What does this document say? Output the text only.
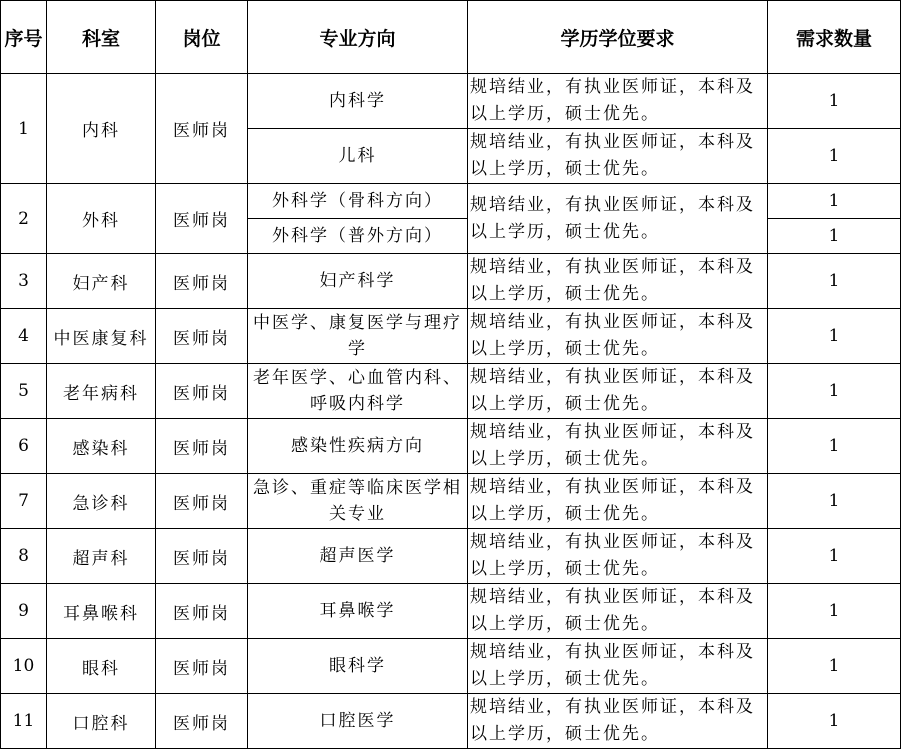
序号	科室	岗位	专业方向	学历学位要求	需求数量
1	内科	医师岗	内科学	规培结业，有执业医师证，本科及以上学历，硕士优先。	1
			儿科	规培结业，有执业医师证，本科及以上学历，硕士优先。	1
2	外科	医师岗	外科学（骨科方向）	规培结业，有执业医师证，本科及以上学历，硕士优先。	1
			外科学（普外方向）		1
3	妇产科	医师岗	妇产科学	规培结业，有执业医师证，本科及以上学历，硕士优先。	1
4	中医康复科	医师岗	中医学、康复医学与理疗学	规培结业，有执业医师证，本科及以上学历，硕士优先。	1
5	老年病科	医师岗	老年医学、心血管内科、呼吸内科学	规培结业，有执业医师证，本科及以上学历，硕士优先。	1
6	感染科	医师岗	感染性疾病方向	规培结业，有执业医师证，本科及以上学历，硕士优先。	1
7	急诊科	医师岗	急诊、重症等临床医学相关专业	规培结业，有执业医师证，本科及以上学历，硕士优先。	1
8	超声科	医师岗	超声医学	规培结业，有执业医师证，本科及以上学历，硕士优先。	1
9	耳鼻喉科	医师岗	耳鼻喉学	规培结业，有执业医师证，本科及以上学历，硕士优先。	1
10	眼科	医师岗	眼科学	规培结业，有执业医师证，本科及以上学历，硕士优先。	1
11	口腔科	医师岗	口腔医学	规培结业，有执业医师证，本科及以上学历，硕士优先。	1
